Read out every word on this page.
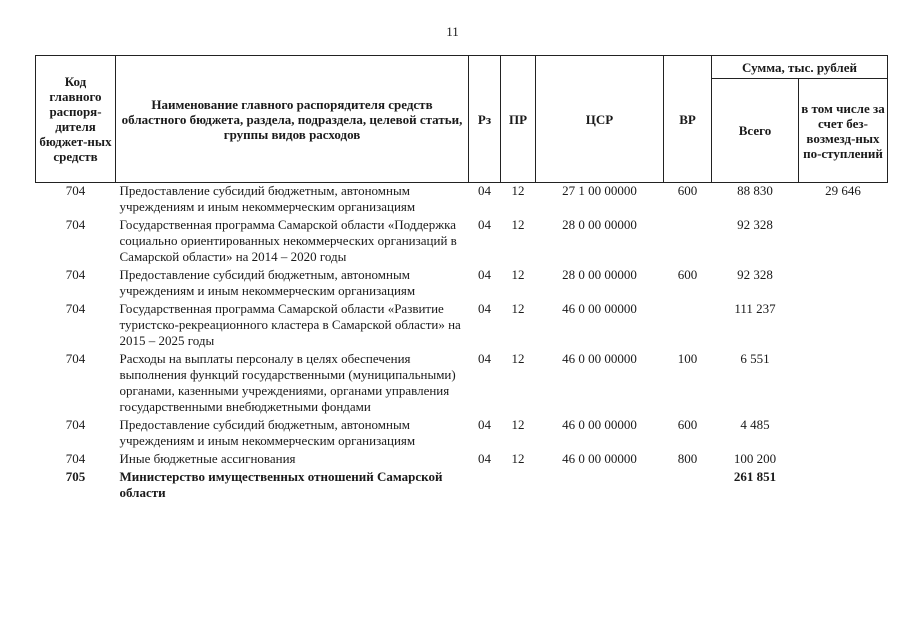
11
Код главного распоря-дителя бюджет-ных средств	Наименование главного распорядителя средств областного бюджета, раздела, подраздела, целевой статьи, группы видов расходов	Рз	ПР	ЦСР	ВР	Сумма, тыс. рублей	
						Всего	в том числе за счет без-возмезд-ных по-ступлений
704	Предоставление субсидий бюджетным, автономным учреждениям и иным некоммерческим организациям	04	12	27 1 00 00000	600	88 830	29 646
704	Государственная программа Самарской области «Поддержка социально ориентированных некоммерческих организаций в Самарской области» на 2014 – 2020 годы	04	12	28 0 00 00000		92 328	
704	Предоставление субсидий бюджетным, автономным учреждениям и иным некоммерческим организациям	04	12	28 0 00 00000	600	92 328	
704	Государственная программа Самарской области «Развитие туристско-рекреационного кластера в Самарской области» на 2015 – 2025 годы	04	12	46 0 00 00000		111 237	
704	Расходы на выплаты персоналу в целях обеспечения выполнения функций государственными (муниципальными) органами, казенными учреждениями, органами управления государственными внебюджетными фондами	04	12	46 0 00 00000	100	6 551	
704	Предоставление субсидий бюджетным, автономным учреждениям и иным некоммерческим организациям	04	12	46 0 00 00000	600	4 485	
704	Иные бюджетные ассигнования	04	12	46 0 00 00000	800	100 200	
705	Министерство имущественных отношений Самарской области					261 851	
